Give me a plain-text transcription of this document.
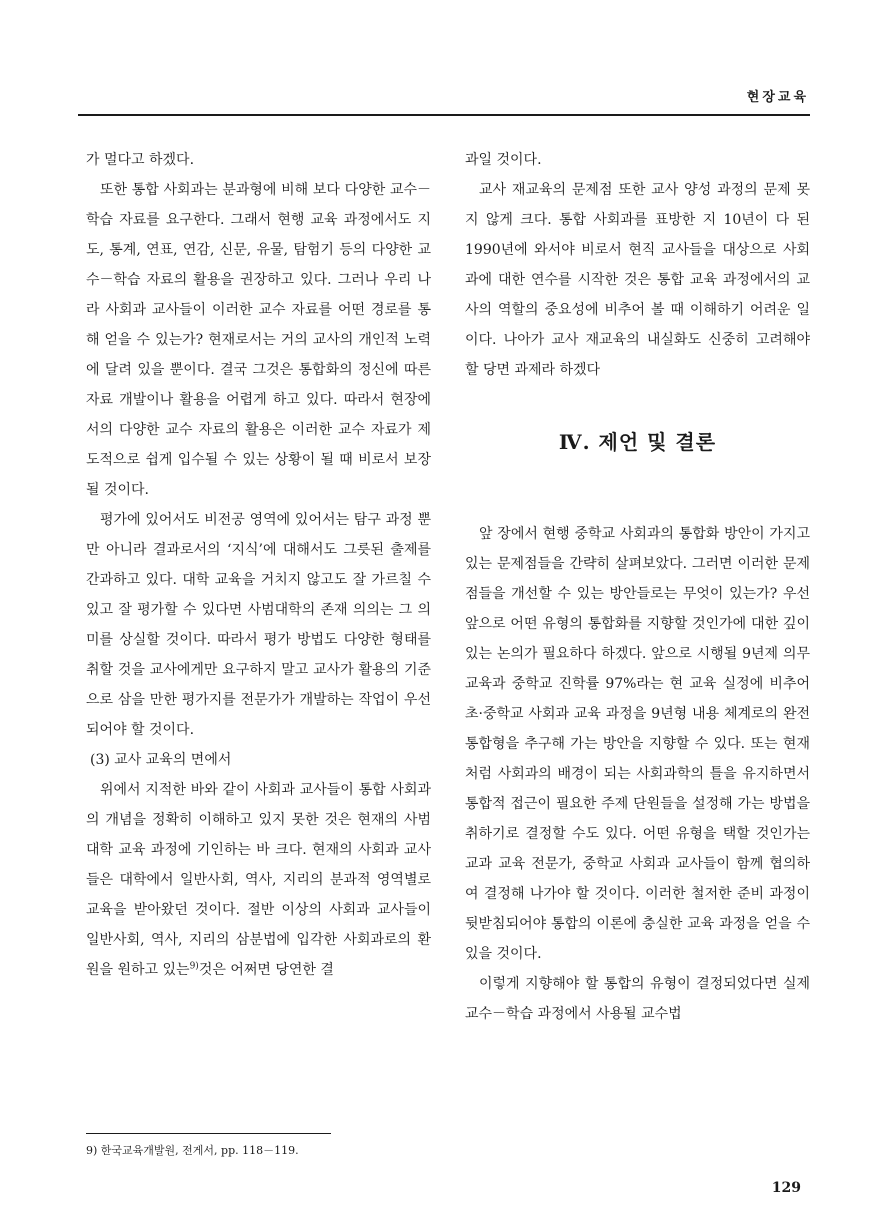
현장교육

가 멀다고 하겠다.

또한 통합 사회과는 분과형에 비해 보다 다양한 교수－학습 자료를 요구한다. 그래서 현행 교육 과정에서도 지도, 통계, 연표, 연감, 신문, 유물, 탐험기 등의 다양한 교수－학습 자료의 활용을 권장하고 있다. 그러나 우리 나라 사회과 교사들이 이러한 교수 자료를 어떤 경로를 통해 얻을 수 있는가? 현재로서는 거의 교사의 개인적 노력에 달려 있을 뿐이다. 결국 그것은 통합화의 정신에 따른 자료 개발이나 활용을 어렵게 하고 있다. 따라서 현장에서의 다양한 교수 자료의 활용은 이러한 교수 자료가 제도적으로 쉽게 입수될 수 있는 상황이 될 때 비로서 보장될 것이다.

평가에 있어서도 비전공 영역에 있어서는 탐구 과정 뿐만 아니라 결과로서의 ‘지식’에 대해서도 그릇된 출제를 간과하고 있다. 대학 교육을 거치지 않고도 잘 가르칠 수 있고 잘 평가할 수 있다면 사범대학의 존재 의의는 그 의미를 상실할 것이다. 따라서 평가 방법도 다양한 형태를 취할 것을 교사에게만 요구하지 말고 교사가 활용의 기준으로 삼을 만한 평가지를 전문가가 개발하는 작업이 우선되어야 할 것이다.

(3) 교사 교육의 면에서

위에서 지적한 바와 같이 사회과 교사들이 통합 사회과의 개념을 정확히 이해하고 있지 못한 것은 현재의 사범대학 교육 과정에 기인하는 바 크다. 현재의 사회과 교사들은 대학에서 일반사회, 역사, 지리의 분과적 영역별로 교육을 받아왔던 것이다. 절반 이상의 사회과 교사들이 일반사회, 역사, 지리의 삼분법에 입각한 사회과로의 환원을 원하고 있는$^{9)}$것은 어쩌면 당연한 결

과일 것이다.

교사 재교육의 문제점 또한 교사 양성 과정의 문제 못지 않게 크다. 통합 사회과를 표방한 지 10년이 다 된 1990년에 와서야 비로서 현직 교사들을 대상으로 사회과에 대한 연수를 시작한 것은 통합 교육 과정에서의 교사의 역할의 중요성에 비추어 볼 때 이해하기 어려운 일이다. 나아가 교사 재교육의 내실화도 신중히 고려해야 할 당면 과제라 하겠다

Ⅳ. 제언 및 결론

앞 장에서 현행 중학교 사회과의 통합화 방안이 가지고 있는 문제점들을 간략히 살펴보았다. 그러면 이러한 문제점들을 개선할 수 있는 방안들로는 무엇이 있는가? 우선 앞으로 어떤 유형의 통합화를 지향할 것인가에 대한 깊이 있는 논의가 필요하다 하겠다. 앞으로 시행될 9년제 의무 교육과 중학교 진학률 97%라는 현 교육 실정에 비추어 초·중학교 사회과 교육 과정을 9년형 내용 체계로의 완전 통합형을 추구해 가는 방안을 지향할 수 있다. 또는 현재처럼 사회과의 배경이 되는 사회과학의 틀을 유지하면서 통합적 접근이 필요한 주제 단원들을 설정해 가는 방법을 취하기로 결정할 수도 있다. 어떤 유형을 택할 것인가는 교과 교육 전문가, 중학교 사회과 교사들이 함께 협의하여 결정해 나가야 할 것이다. 이러한 철저한 준비 과정이 뒷받침되어야 통합의 이론에 충실한 교육 과정을 얻을 수 있을 것이다.

이렇게 지향해야 할 통합의 유형이 결정되었다면 실제 교수－학습 과정에서 사용될 교수법

9) 한국교육개발원, 전게서, pp. 118－119.
129
